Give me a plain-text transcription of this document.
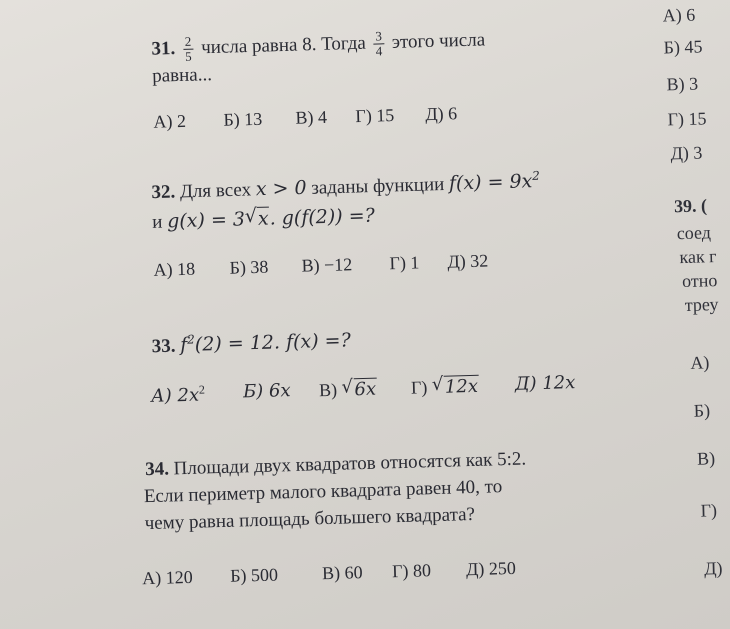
31. $\frac{2}{5}$ числа равна 8. Тогда $\frac{3}{4}$ этого числа
равна...
А) 2 Б) 13 В) 4 Г) 15 Д) 6
32. Для всех x > 0 заданы функции $f(x) = 9x^2$
и g(x) = 3 √ x. g(f(2)) =?
А) 18 Б) 38 В) −12 Г) 1 Д) 32
33. $f^2(2) = 12$. f(x) =?
А) $2x^2$ Б) 6x В) √ 6x Г) √ 12x Д) 12x
34. Площади двух квадратов относятся как 5:2.
Если периметр малого квадрата равен 40, то
чему равна площадь большего квадрата?
А) 120 Б) 500 В) 60 Г) 80 Д) 250
А) 6
Б) 45
В) 3
Г) 15
Д) 3
39. (
соед
как г
отно
треу
А)
Б)
В)
Г)
Д)
